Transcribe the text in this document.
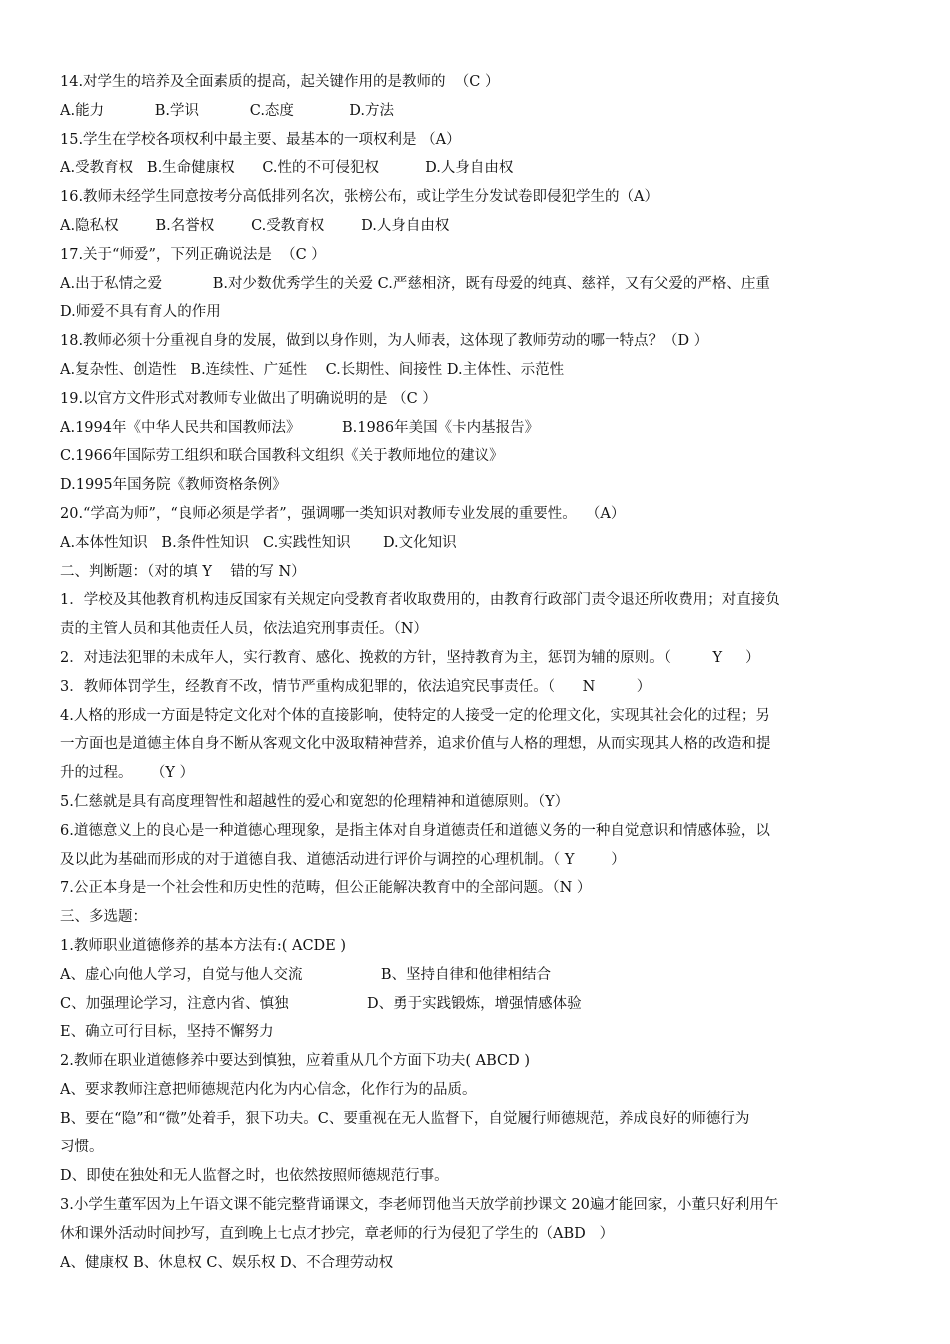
14.对学生的培养及全面素质的提高，起关键作用的是教师的  （C ）
A.能力           B.学识           C.态度            D.方法
15.学生在学校各项权利中最主要、最基本的一项权利是 （A）
A.受教育权   B.生命健康权      C.性的不可侵犯权          D.人身自由权
16.教师未经学生同意按考分高低排列名次，张榜公布，或让学生分发试卷即侵犯学生的（A）
A.隐私权        B.名誉权        C.受教育权        D.人身自由权
17.关于“师爱”，下列正确说法是  （C ）
A.出于私情之爱           B.对少数优秀学生的关爱 C.严慈相济，既有母爱的纯真、慈祥，又有父爱的严格、庄重
D.师爱不具有育人的作用
18.教师必须十分重视自身的发展，做到以身作则，为人师表，这体现了教师劳动的哪一特点？（D ）
A.复杂性、创造性   B.连续性、广延性    C.长期性、间接性 D.主体性、示范性
19.以官方文件形式对教师专业做出了明确说明的是 （C ）
A.1994年《中华人民共和国教师法》         B.1986年美国《卡内基报告》
C.1966年国际劳工组织和联合国教科文组织《关于教师地位的建议》
D.1995年国务院《教师资格条例》
20.“学高为师”，“良师必须是学者”，强调哪一类知识对教师专业发展的重要性。  （A）
A.本体性知识   B.条件性知识   C.实践性知识       D.文化知识
二、判断题：（对的填 Y    错的写 N）
1．学校及其他教育机构违反国家有关规定向受教育者收取费用的，由教育行政部门责令退还所收费用；对直接负
责的主管人员和其他责任人员，依法追究刑事责任。（N）
2．对违法犯罪的未成年人，实行教育、感化、挽救的方针，坚持教育为主，惩罚为辅的原则。（         Y     ）
3．教师体罚学生，经教育不改，情节严重构成犯罪的，依法追究民事责任。（      N         ）
4.人格的形成一方面是特定文化对个体的直接影响，使特定的人接受一定的伦理文化，实现其社会化的过程；另
一方面也是道德主体自身不断从客观文化中汲取精神营养，追求价值与人格的理想，从而实现其人格的改造和提
升的过程。    （Y ）
5.仁慈就是具有高度理智性和超越性的爱心和宽恕的伦理精神和道德原则。（Y）
6.道德意义上的良心是一种道德心理现象，是指主体对自身道德责任和道德义务的一种自觉意识和情感体验，以
及以此为基础而形成的对于道德自我、道德活动进行评价与调控的心理机制。（ Y        ）
7.公正本身是一个社会性和历史性的范畴，但公正能解决教育中的全部问题。（N ）
三、多选题：
1.教师职业道德修养的基本方法有:( ACDE )
A、虚心向他人学习，自觉与他人交流                 B、坚持自律和他律相结合
C、加强理论学习，注意内省、慎独                 D、勇于实践锻炼，增强情感体验
E、确立可行目标，坚持不懈努力
2.教师在职业道德修养中要达到慎独，应着重从几个方面下功夫( ABCD )
A、要求教师注意把师德规范内化为内心信念，化作行为的品质。
B、要在“隐”和“微”处着手，狠下功夫。C、要重视在无人监督下，自觉履行师德规范，养成良好的师德行为
习惯。
D、即使在独处和无人监督之时，也依然按照师德规范行事。
3.小学生董军因为上午语文课不能完整背诵课文，李老师罚他当天放学前抄课文 20遍才能回家，小董只好利用午
休和课外活动时间抄写，直到晚上七点才抄完，章老师的行为侵犯了学生的（ABD   ）
A、健康权 B、休息权 C、娱乐权 D、不合理劳动权
